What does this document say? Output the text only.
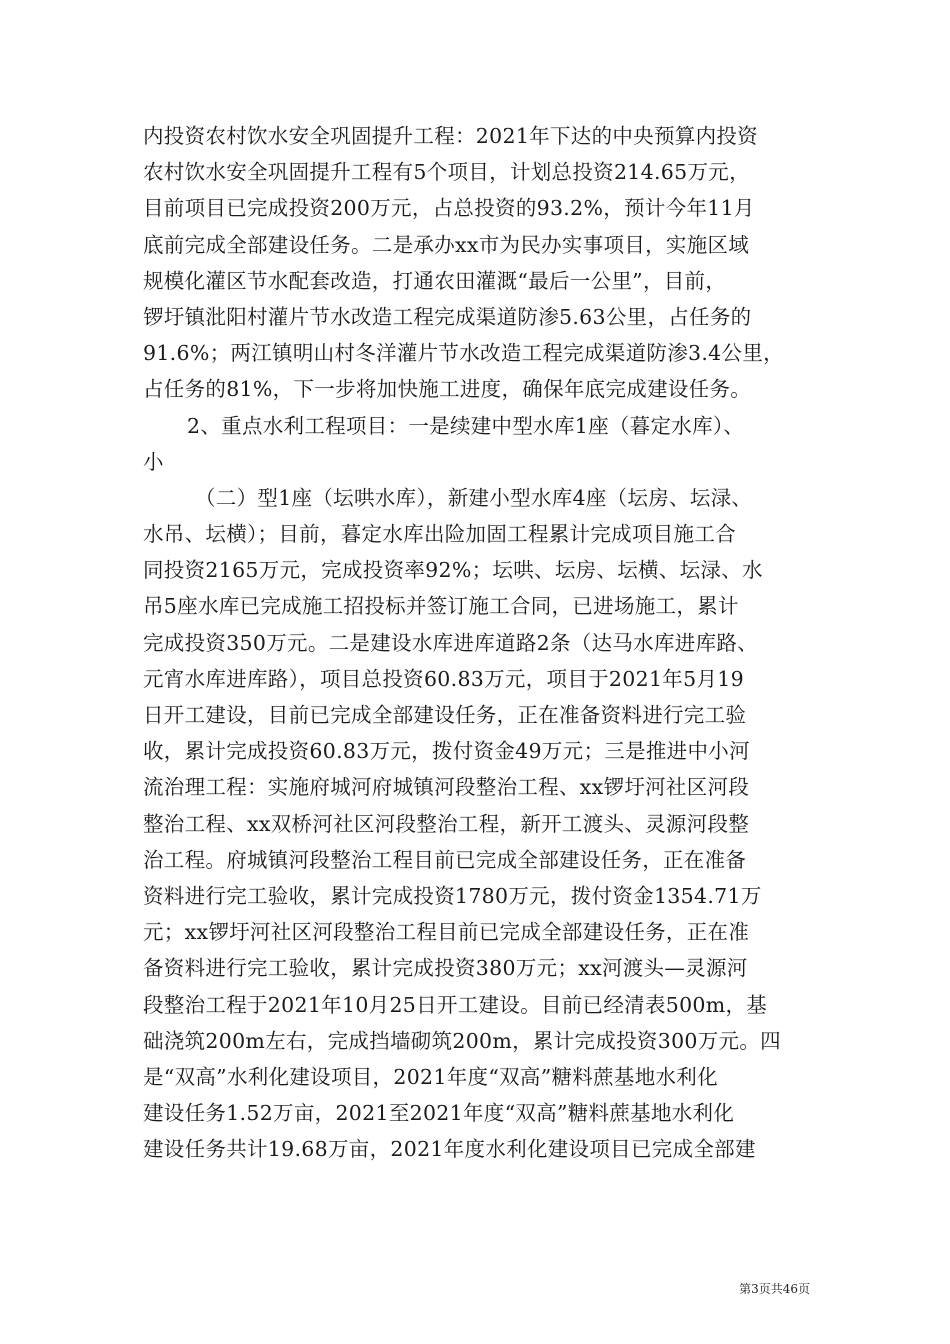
内投资农村饮水安全巩固提升工程：2021年下达的中央预算内投资
农村饮水安全巩固提升工程有5个项目，计划总投资214.65万元，
目前项目已完成投资200万元，占总投资的93.2%，预计今年11月
底前完成全部建设任务。二是承办xx市为民办实事项目，实施区域
规模化灌区节水配套改造，打通农田灌溉“最后一公里”，目前，
锣圩镇沘阳村灌片节水改造工程完成渠道防渗5.63公里，占任务的
91.6%；两江镇明山村冬洋灌片节水改造工程完成渠道防渗3.4公里，
占任务的81%，下一步将加快施工进度，确保年底完成建设任务。
2、重点水利工程项目：一是续建中型水库1座（暮定水库）、
小
（二）型1座（坛哄水库），新建小型水库4座（坛房、坛渌、
水吊、坛横）；目前，暮定水库出险加固工程累计完成项目施工合
同投资2165万元，完成投资率92%；坛哄、坛房、坛横、坛渌、水
吊5座水库已完成施工招投标并签订施工合同，已进场施工，累计
完成投资350万元。二是建设水库进库道路2条（达马水库进库路、
元宵水库进库路），项目总投资60.83万元，项目于2021年5月19
日开工建设，目前已完成全部建设任务，正在准备资料进行完工验
收，累计完成投资60.83万元，拨付资金49万元；三是推进中小河
流治理工程：实施府城河府城镇河段整治工程、xx锣圩河社区河段
整治工程、xx双桥河社区河段整治工程，新开工渡头、灵源河段整
治工程。府城镇河段整治工程目前已完成全部建设任务，正在准备
资料进行完工验收，累计完成投资1780万元，拨付资金1354.71万
元；xx锣圩河社区河段整治工程目前已完成全部建设任务，正在准
备资料进行完工验收，累计完成投资380万元；xx河渡头—灵源河
段整治工程于2021年10月25日开工建设。目前已经清表500m，基
础浇筑200m左右，完成挡墙砌筑200m，累计完成投资300万元。四
是“双高”水利化建设项目，2021年度“双高”糖料蔗基地水利化
建设任务1.52万亩，2021至2021年度“双高”糖料蔗基地水利化
建设任务共计19.68万亩，2021年度水利化建设项目已完成全部建
第3页共46页
